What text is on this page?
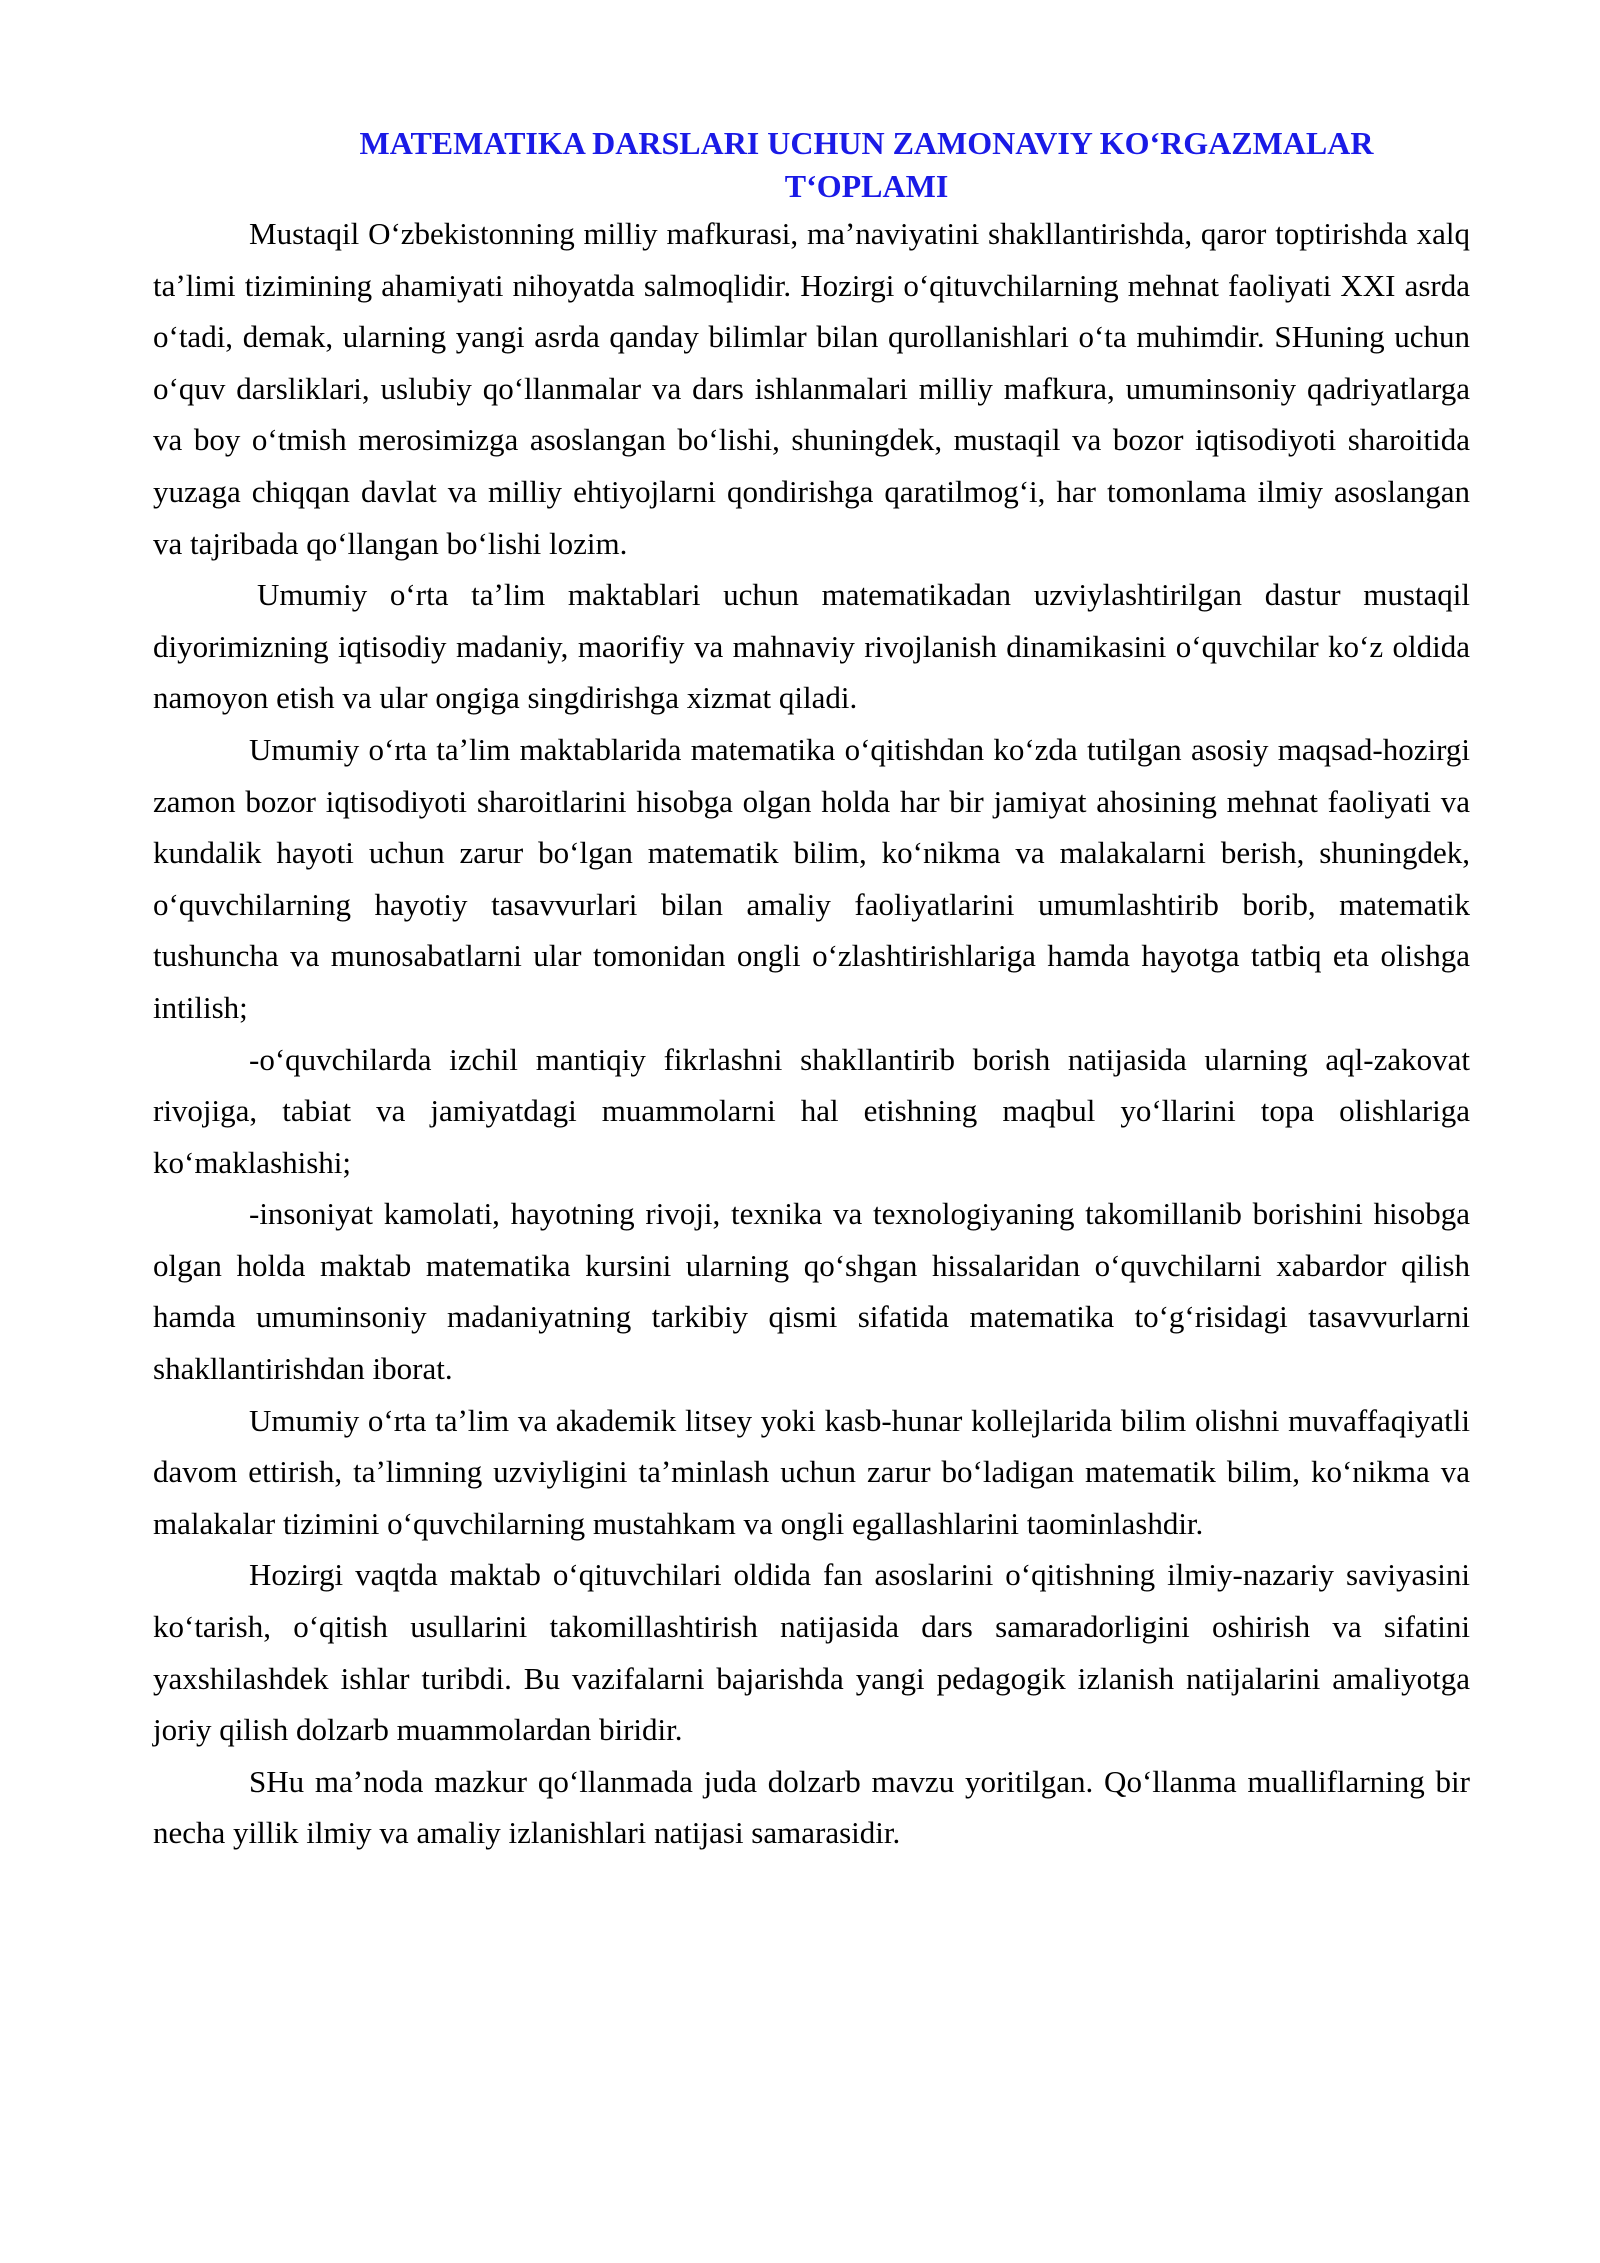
MATEMATIKA DARSLARI UCHUN ZAMONAVIY KOʻRGAZMALAR
TʻOPLAMI

Mustaqil Oʻzbekistonning milliy mafkurasi, maʼnaviyatini shakllantirishda, qaror toptirishda xalq taʼlimi tizimining ahamiyati nihoyatda salmoqlidir. Hozirgi oʻqituvchilarning mehnat faoliyati XXI asrda oʻtadi, demak, ularning yangi asrda qanday bilimlar bilan qurollanishlari oʻta muhimdir. SHuning uchun oʻquv darsliklari, uslubiy qoʻllanmalar va dars ishlanmalari milliy mafkura, umuminsoniy qadriyatlarga va boy oʻtmish merosimizga asoslangan boʻlishi, shuningdek, mustaqil va bozor iqtisodiyoti sharoitida yuzaga chiqqan davlat va milliy ehtiyojlarni qondirishga qaratilmogʻi, har tomonlama ilmiy asoslangan va tajribada qoʻllangan boʻlishi lozim.

Umumiy oʻrta taʼlim maktablari uchun matematikadan uzviylashtirilgan dastur mustaqil diyorimizning iqtisodiy madaniy, maorifiy va mahnaviy rivojlanish dinamikasini oʻquvchilar koʻz oldida namoyon etish va ular ongiga singdirishga xizmat qiladi.

Umumiy oʻrta taʼlim maktablarida matematika oʻqitishdan koʻzda tutilgan asosiy maqsad-hozirgi zamon bozor iqtisodiyoti sharoitlarini hisobga olgan holda har bir jamiyat ahosining mehnat faoliyati va kundalik hayoti uchun zarur boʻlgan matematik bilim, koʻnikma va malakalarni berish, shuningdek, oʻquvchilarning hayotiy tasavvurlari bilan amaliy faoliyatlarini umumlashtirib borib, matematik tushuncha va munosabatlarni ular tomonidan ongli oʻzlashtirishlariga hamda hayotga tatbiq eta olishga intilish;

-oʻquvchilarda izchil mantiqiy fikrlashni shakllantirib borish natijasida ularning aql-zakovat rivojiga, tabiat va jamiyatdagi muammolarni hal etishning maqbul yoʻllarini topa olishlariga koʻmaklashishi;

-insoniyat kamolati, hayotning rivoji, texnika va texnologiyaning takomillanib borishini hisobga olgan holda maktab matematika kursini ularning qoʻshgan hissalaridan oʻquvchilarni xabardor qilish hamda umuminsoniy madaniyatning tarkibiy qismi sifatida matematika toʻgʻrisidagi tasavvurlarni shakllantirishdan iborat.

Umumiy oʻrta taʼlim va akademik litsey yoki kasb-hunar kollejlarida bilim olishni muvaffaqiyatli davom ettirish, taʼlimning uzviyligini taʼminlash uchun zarur boʻladigan matematik bilim, koʻnikma va malakalar tizimini oʻquvchilarning mustahkam va ongli egallashlarini taominlashdir.

Hozirgi vaqtda maktab oʻqituvchilari oldida fan asoslarini oʻqitishning ilmiy-nazariy saviyasini koʻtarish, oʻqitish usullarini takomillashtirish natijasida dars samaradorligini oshirish va sifatini yaxshilashdek ishlar turibdi. Bu vazifalarni bajarishda yangi pedagogik izlanish natijalarini amaliyotga joriy qilish dolzarb muammolardan biridir.

SHu maʼnoda mazkur qoʻllanmada juda dolzarb mavzu yoritilgan. Qoʻllanma mualliflarning bir necha yillik ilmiy va amaliy izlanishlari natijasi samarasidir.
